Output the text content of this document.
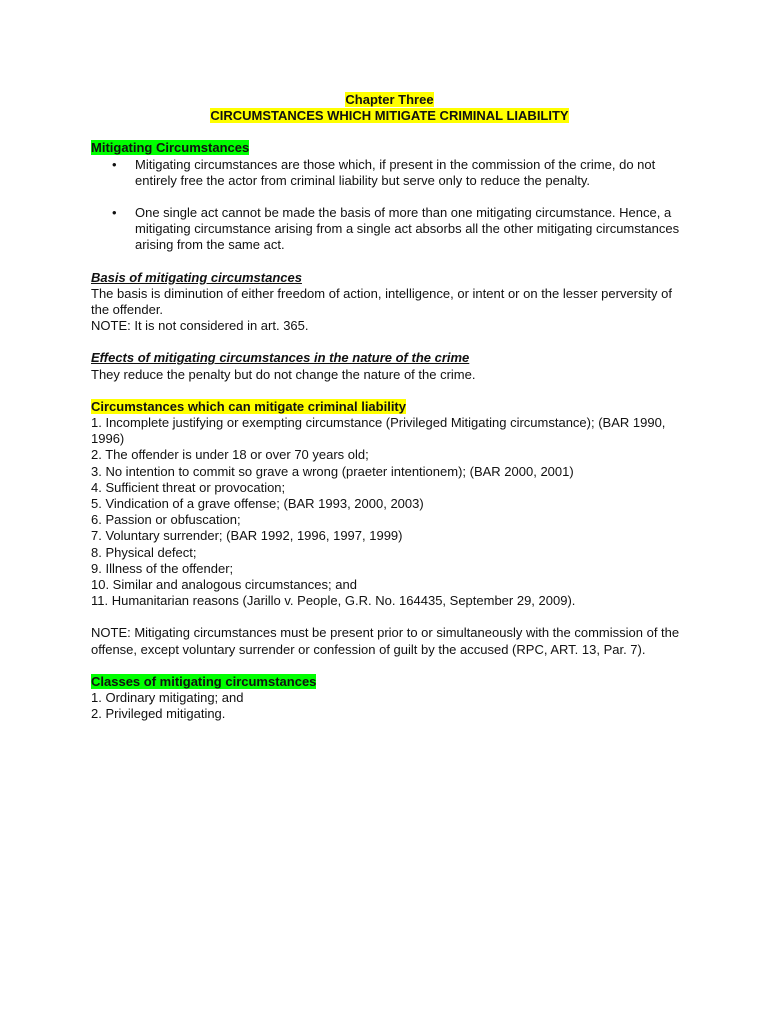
Chapter Three
CIRCUMSTANCES WHICH MITIGATE CRIMINAL LIABILITY
Mitigating Circumstances
• Mitigating circumstances are those which, if present in the commission of the crime, do not entirely free the actor from criminal liability but serve only to reduce the penalty.
• One single act cannot be made the basis of more than one mitigating circumstance. Hence, a mitigating circumstance arising from a single act absorbs all the other mitigating circumstances arising from the same act.
Basis of mitigating circumstances

The basis is diminution of either freedom of action, intelligence, or intent or on the lesser perversity of the offender.

NOTE: It is not considered in art. 365.

Effects of mitigating circumstances in the nature of the crime

They reduce the penalty but do not change the nature of the crime.

Circumstances which can mitigate criminal liability
1. Incomplete justifying or exempting circumstance (Privileged Mitigating circumstance); (BAR 1990, 1996)
2. The offender is under 18 or over 70 years old;
3. No intention to commit so grave a wrong (praeter intentionem); (BAR 2000, 2001)
4. Sufficient threat or provocation;
5. Vindication of a grave offense; (BAR 1993, 2000, 2003)
6. Passion or obfuscation;
7. Voluntary surrender; (BAR 1992, 1996, 1997, 1999)
8. Physical defect;
9. Illness of the offender;
10. Similar and analogous circumstances; and
11. Humanitarian reasons (Jarillo v. People, G.R. No. 164435, September 29, 2009).

NOTE: Mitigating circumstances must be present prior to or simultaneously with the commission of the offense, except voluntary surrender or confession of guilt by the accused (RPC, ART. 13, Par. 7).

Classes of mitigating circumstances
1. Ordinary mitigating; and
2. Privileged mitigating.
